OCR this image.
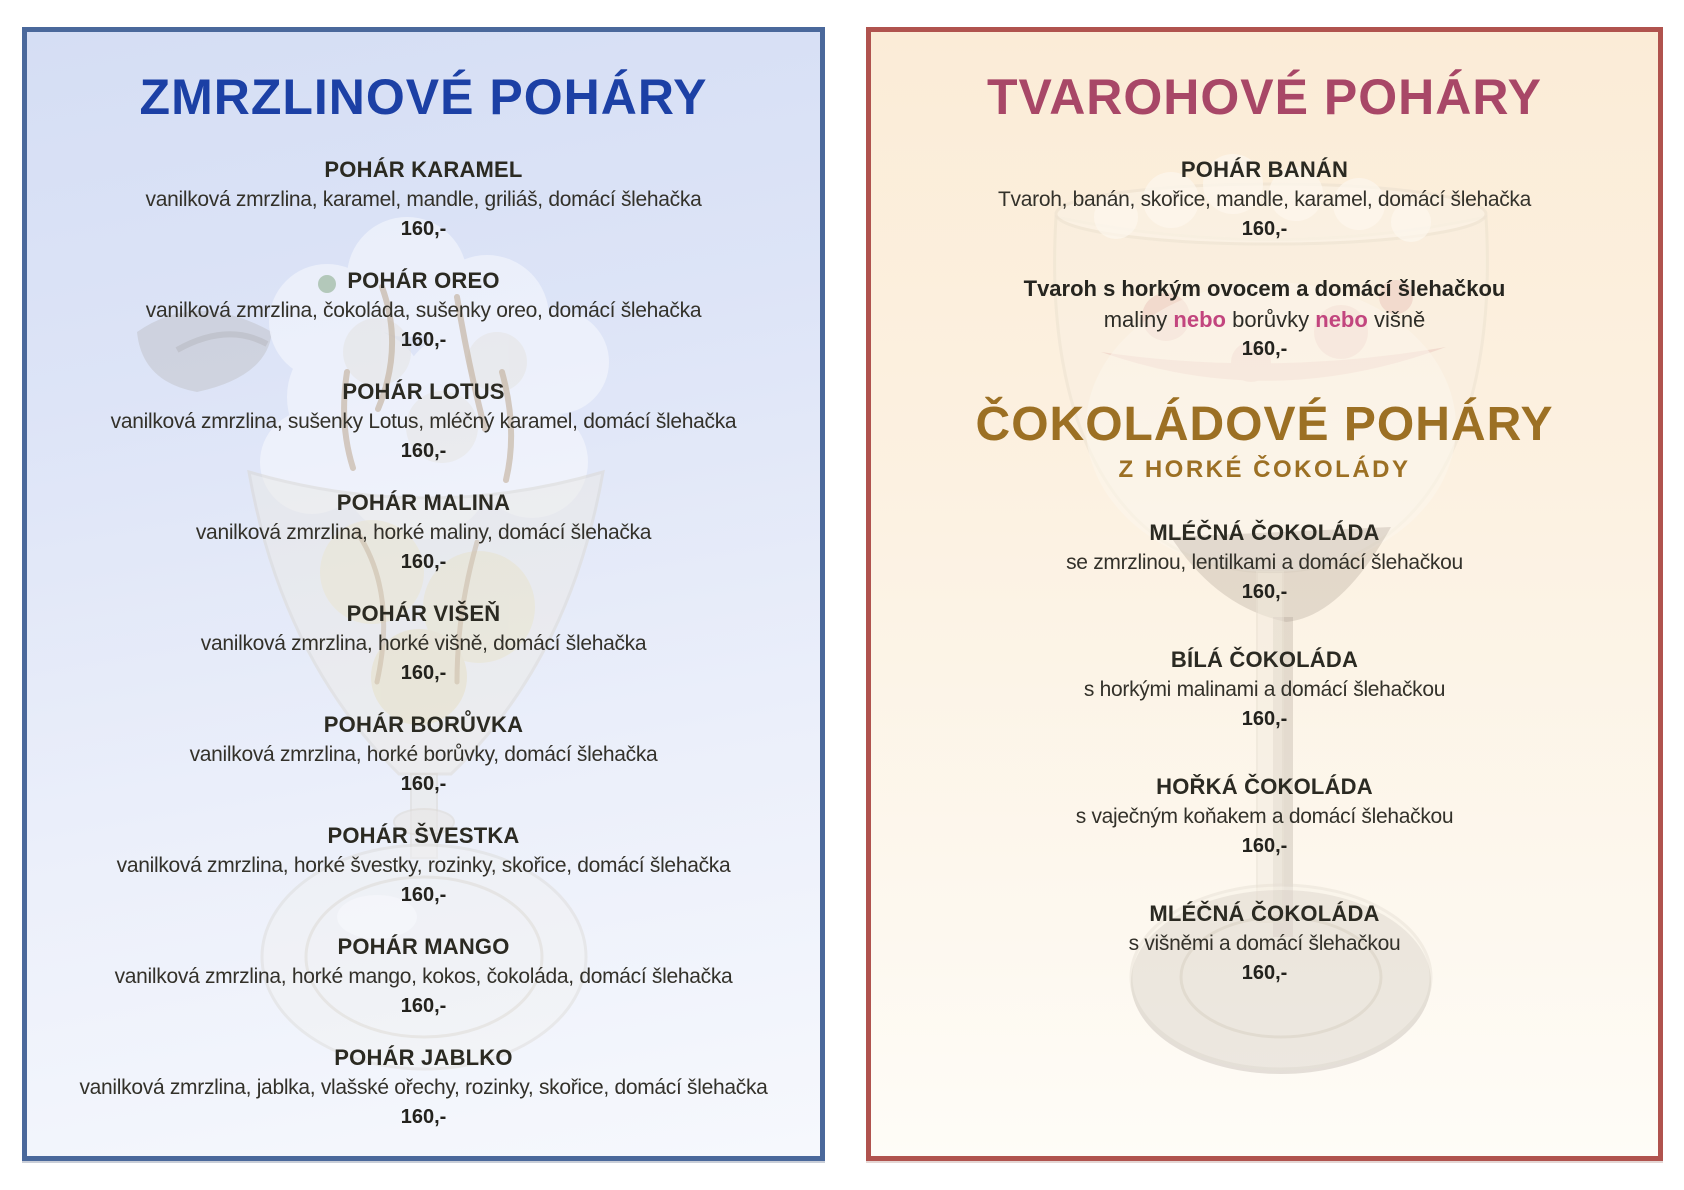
ZMRZLINOVÉ POHÁRY
POHÁR KARAMEL
vanilková zmrzlina, karamel, mandle, griliáš, domácí šlehačka
160,-
POHÁR OREO
vanilková zmrzlina, čokoláda, sušenky oreo, domácí šlehačka
160,-
POHÁR LOTUS
vanilková zmrzlina, sušenky Lotus, mléčný karamel, domácí šlehačka
160,-
POHÁR MALINA
vanilková zmrzlina, horké maliny, domácí šlehačka
160,-
POHÁR VIŠEŇ
vanilková zmrzlina, horké višně, domácí šlehačka
160,-
POHÁR BORŮVKA
vanilková zmrzlina, horké borůvky, domácí šlehačka
160,-
POHÁR ŠVESTKA
vanilková zmrzlina, horké švestky, rozinky, skořice, domácí šlehačka
160,-
POHÁR MANGO
vanilková zmrzlina, horké mango, kokos, čokoláda, domácí šlehačka
160,-
POHÁR JABLKO
vanilková zmrzlina, jablka, vlašské ořechy, rozinky, skořice, domácí šlehačka
160,-
TVAROHOVÉ POHÁRY
POHÁR BANÁN
Tvaroh, banán, skořice, mandle, karamel, domácí šlehačka
160,-
Tvaroh s horkým ovocem a domácí šlehačkou
maliny nebo borůvky nebo višně
160,-
ČOKOLÁDOVÉ POHÁRY
Z HORKÉ ČOKOLÁDY
MLÉČNÁ ČOKOLÁDA
se zmrzlinou, lentilkami a domácí šlehačkou
160,-
BÍLÁ ČOKOLÁDA
s horkými malinami a domácí šlehačkou
160,-
HOŘKÁ ČOKOLÁDA
s vaječným koňakem a domácí šlehačkou
160,-
MLÉČNÁ ČOKOLÁDA
s višněmi a domácí šlehačkou
160,-
